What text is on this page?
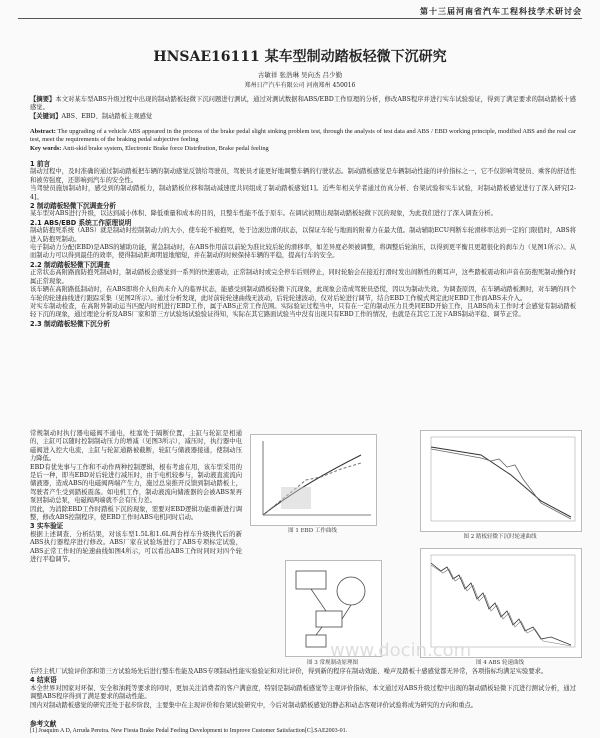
第十三届河南省汽车工程科技学术研讨会
HNSAE16111 某车型制动踏板轻微下沉研究
古敏祥 张浩琳 吴向杰 吕少勤
郑州日产汽车有限公司 河南郑州 450016
【摘要】本文对某车型ABS升级过程中出现的制动踏板轻微下沉问题进行测试，通过对测试数据和ABS/EBD工作原理的分析，修改ABS程序并进行实车试验验证，得到了满足要求的制动踏板十感感觉。
【关键词】ABS、EBD、制动踏板主观感觉
Abstract: The upgrading of a vehicle ABS appeared in the process of the brake pedal slight sinking problem test, through the analysis of test data and ABS / EBD working principle, modified ABS and the real car test, meet the requirements of the braking pedal subjective feeling
Key words: Anti-skid brake system, Electronic Brake force Distribution, Brake pedal feeling
1 前言
制动过程中，及时准确的通过制动踏板把车辆的制动感觉反馈给驾驶员，驾驶员才能更好地调整车辆的行驶状态。制动踏板感觉是车辆制动性能的评价指标之一，它不仅影响驾驶员、乘客的舒适性和被劳强度，还影响到汽车的安全性。
当驾驶员施加制动时，感受到的制动踏板力，制动踏板位移和制动减速度共同组成了制动踏板感觉[1]。近些年相关学者通过仿真分析、台架试验和实车试验，对制动踏板感觉进行了深入研究[2-4]。
2 制动踏板轻微下沉调查分析
某车型对ABS进行升级，以达到减小体积、降低重量和成本的目的，且整车性能不低于原车。在调试初期出现制动踏板轻微下沉的现象，为此我们进行了深入调查分析。
2.1 ABS/EBD 系统工作原理说明
制动防抱死系统（ABS）就是制动时控制制动力的大小，使车轮不被抱死，处于边滚边滑的状态，以保证车轮与地面的附着力在最大值。制动辅助ECU判断车轮滑移率达到一定的门限值时，ABS将进入防抱死制动。
电子制动力分配(EBD)是ABS的辅助功能，紧急制动时，在ABS作用前以前轮为准比较后轮的滑移率，如差异度必须被调整，将调整后轮油压，以得到更平衡且更超很化的刹车力（见图1所示）。从而制动力可以得到最佳的效率，使得制动距离明显地缩短，并在制动的时候保持车辆的平稳，提高行车的安全。
2.2 制动踏板轻微下沉调查
正常状态高附路面防抱死制动时，制动踏板会感觉到一系列的快速震动，正常制动时或完全停车后则停止，同时轮胎会在接近打滑时发出间断性的刺耳声，这些踏板震动和声音在防抱死制动操作时属正常现象。
该车辆在高附路低制动时，在ABS即将介入但尚未介入的临界状态，能感受到制动踏板轻微下沉现象，此现象会造成驾驶员恐慌，因以为制动失效。为调查原因，在车辆动踏板测时，对车辆的四个车轮的轮速曲线进行跟踪采集（见图2所示）。通过分析发现，此时前轮轮速曲线无波动，后轮轮速波动，仅对后轮进行调节，结合EBD工作模式判定此时EBD工作而ABS未介入。
对实车制动检查，在高附异制动运当匹配内时机进行EBD工作，属于ABS正常工作范围。实际验证过程当中，只有在一定的制动压力且类同EBD开始工作，且ABS尚未工作时才会感觉有制动踏板轻下沉的现象，通过理论分析及ABS厂家和第三方试验场试验验证得知，实际在其它路面试验当中没有出现只有EBD工作的情况，也就是在其它工况下ABS制动平稳、调节正常。
2.3 制动踏板轻微下沉分析
常规制动时执行器电磁阀不通电，柱塞处于隔断位置，主缸与轮缸是相通的，主缸可以随时控制制动压力的增减（见图3所示），减压时，执行器中电磁阀进入控大电流，主缸与轮缸通路被截断，轮缸与储液器接通，使制动压力降低。
EBD有优先事与工作和不动作两种控制逻辑，根布考虑在用，该车型采用的是后一种，即当EBD对后轮进行减压时，由于电机较参与，制动液直流流向储液器，造成ABS的电磁阀两端产生力，施过总泉推开反馈到制动踏板上，驾驶者产生受到踏板震荡。如电机工作，制动液流向储液器的会被ABS泵再泵回制动总泵，电磁阀两端就不会有压力差。
因此，为消除EBD工作时踏板下沉的现象，需要对EBD逻辑功能重新进行调整，修改ABS控制程序，使EBD工作时ABS电机同时启动。
3 实车验证
根据上述调查、分析结果，对该车型1.5L和1.6L两台样车升级换代后的新ABS执行器程序进行修改。ABS厂家在试验场进行了ABS专项标定试验，ABS正常工作时的轮速曲线如图4所示，可以看出ABS工作时同时对四个轮进行平稳调节。
图 1 EBD 工作曲线
图 2 踏板轻微下沉时轮速曲线
图 3 常规制动原理图	图 4 ABS 轮速曲线
后经主机厂试验评价部和第三方试验场先后进行整车性能及ABS专项制动性能实验验证和对比评价，得到新的程序在制动效能、噪声及踏板十感感觉都无异常，各项指标均满足实验要求。
4 结束语
本全世界对国家对环保、安全和油耗等要求的同时，更加关注消费者的客户满意度，特别是制动踏板感觉等主观评价指标，本文通过对ABS升级过程中出现的制动踏板轻微下沉进行测试分析，通过调整ABS程序得到了满足要求的制动性能。
国内对制动踏板感觉的研究还处于起步阶段，主要集中在主现评价和台架试验研究中，今后对制动踏板感觉的静态和动态客观评价试验将成为研究的方向和重点。
参考文献
[1] Joaquim A D, Arruda Pereira. New Fiesta Brake Pedal Feeling Development to Improve Customer Satisfaction[C].SAE2003-01.
www.docin.com
